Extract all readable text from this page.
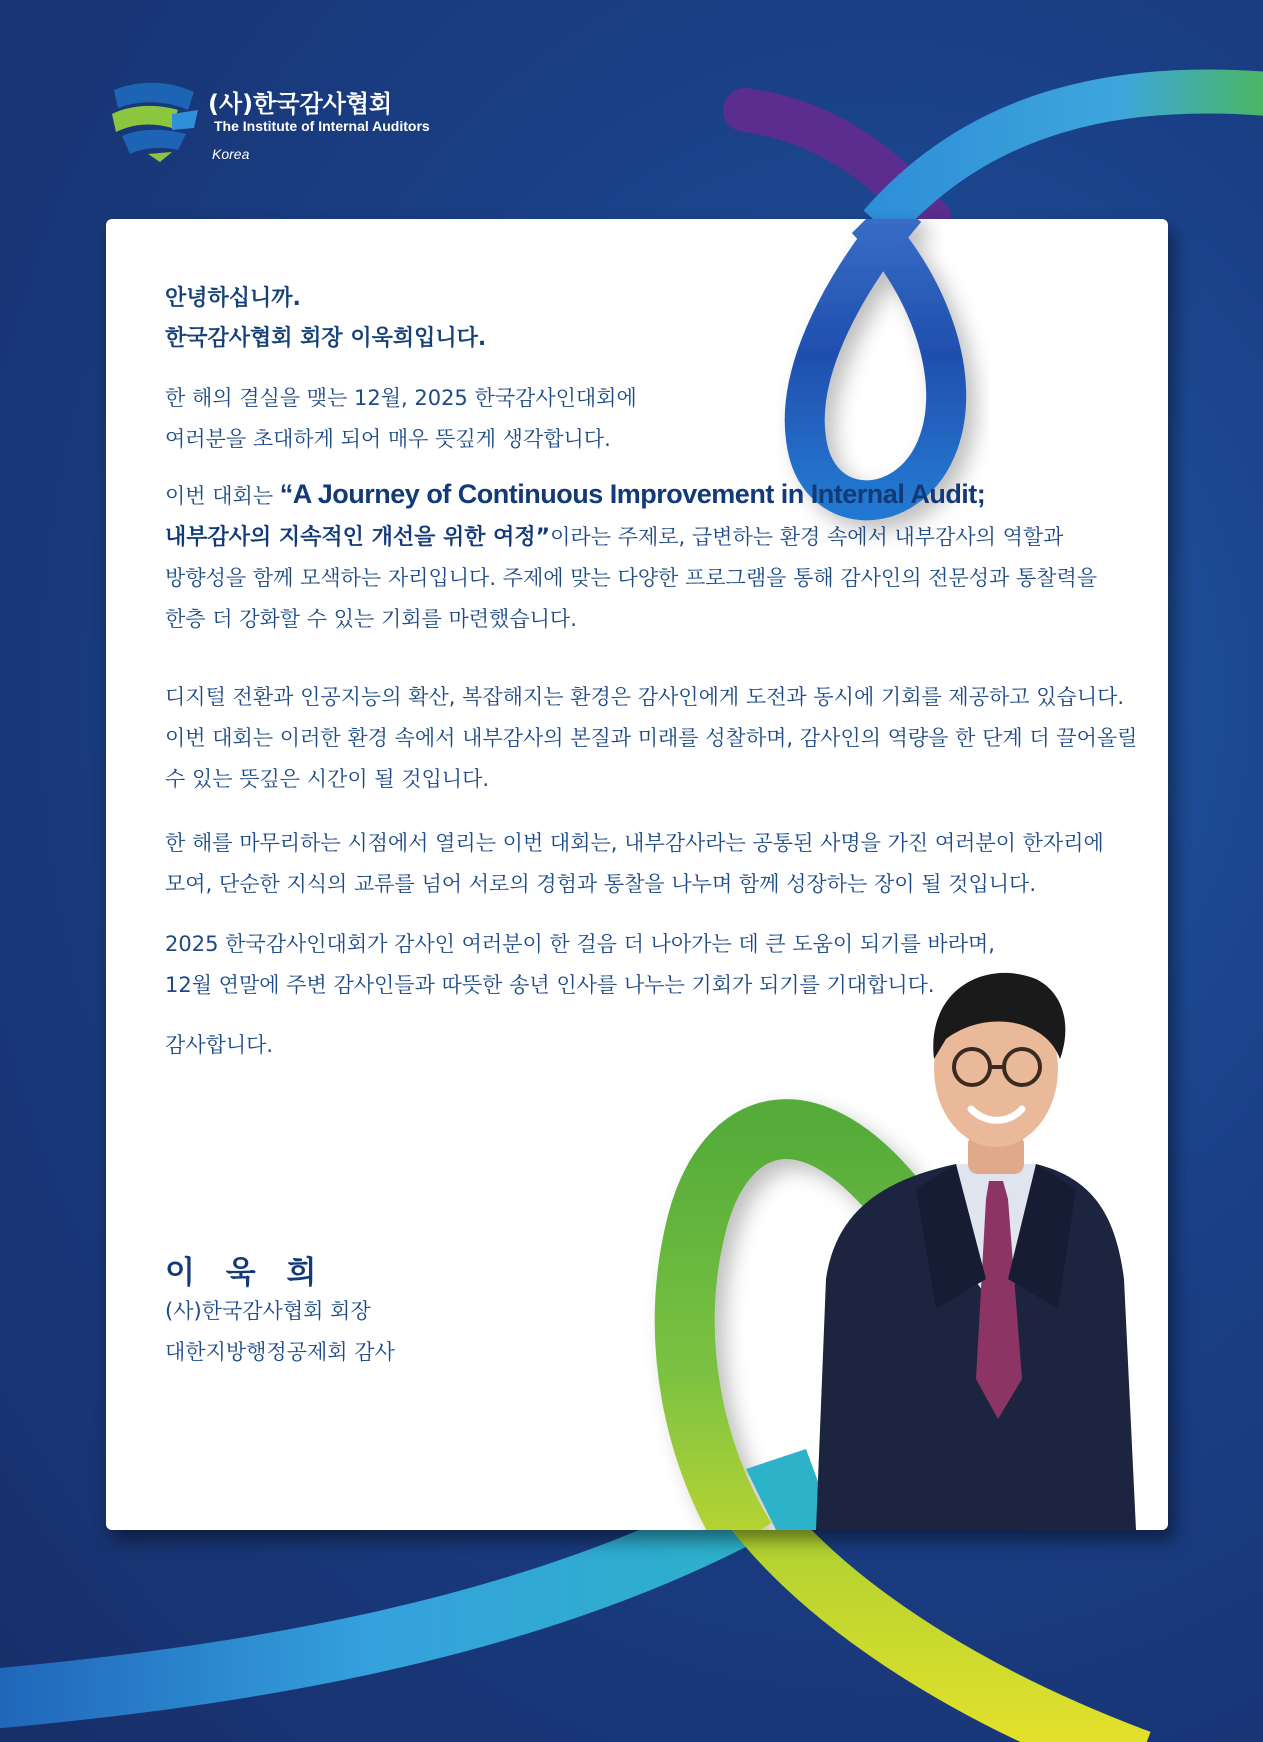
(사)한국감사협회
The Institute of Internal Auditors
Korea
안녕하십니까.
한국감사협회 회장 이욱희입니다.
한 해의 결실을 맺는 12월, 2025 한국감사인대회에
여러분을 초대하게 되어 매우 뜻깊게 생각합니다.
이번 대회는 “A Journey of Continuous Improvement in Internal Audit;
내부감사의 지속적인 개선을 위한 여정”이라는 주제로, 급변하는 환경 속에서 내부감사의 역할과
방향성을 함께 모색하는 자리입니다. 주제에 맞는 다양한 프로그램을 통해 감사인의 전문성과 통찰력을
한층 더 강화할 수 있는 기회를 마련했습니다.
디지털 전환과 인공지능의 확산, 복잡해지는 환경은 감사인에게 도전과 동시에 기회를 제공하고 있습니다.
이번 대회는 이러한 환경 속에서 내부감사의 본질과 미래를 성찰하며, 감사인의 역량을 한 단계 더 끌어올릴
수 있는 뜻깊은 시간이 될 것입니다.
한 해를 마무리하는 시점에서 열리는 이번 대회는, 내부감사라는 공통된 사명을 가진 여러분이 한자리에
모여, 단순한 지식의 교류를 넘어 서로의 경험과 통찰을 나누며 함께 성장하는 장이 될 것입니다.
2025 한국감사인대회가 감사인 여러분이 한 걸음 더 나아가는 데 큰 도움이 되기를 바라며,
12월 연말에 주변 감사인들과 따뜻한 송년 인사를 나누는 기회가 되기를 기대합니다.
감사합니다.
이 욱 희
(사)한국감사협회 회장
대한지방행정공제회 감사
